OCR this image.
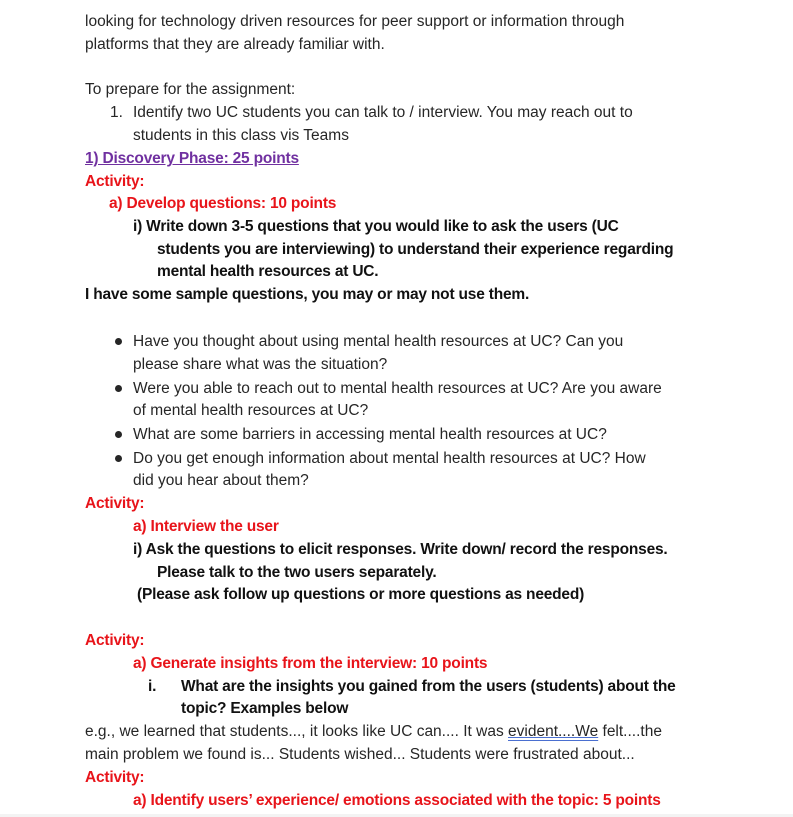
looking for technology driven resources for peer support or information through
platforms that they are already familiar with.
To prepare for the assignment:
1. Identify two UC students you can talk to / interview. You may reach out to
students in this class vis Teams
1) Discovery Phase: 25 points
Activity:
a) Develop questions: 10 points
i) Write down 3-5 questions that you would like to ask the users (UC
students you are interviewing) to understand their experience regarding
mental health resources at UC.
I have some sample questions, you may or may not use them.
Have you thought about using mental health resources at UC? Can you
please share what was the situation?
Were you able to reach out to mental health resources at UC? Are you aware
of mental health resources at UC?
What are some barriers in accessing mental health resources at UC?
Do you get enough information about mental health resources at UC? How
did you hear about them?
Activity:
a) Interview the user
i) Ask the questions to elicit responses. Write down/ record the responses.
Please talk to the two users separately.
(Please ask follow up questions or more questions as needed)
Activity:
a) Generate insights from the interview: 10 points
i. What are the insights you gained from the users (students) about the
topic? Examples below
e.g., we learned that students..., it looks like UC can.... It was evident....We felt....the
main problem we found is... Students wished... Students were frustrated about...
Activity:
a) Identify users’ experience/ emotions associated with the topic: 5 points
